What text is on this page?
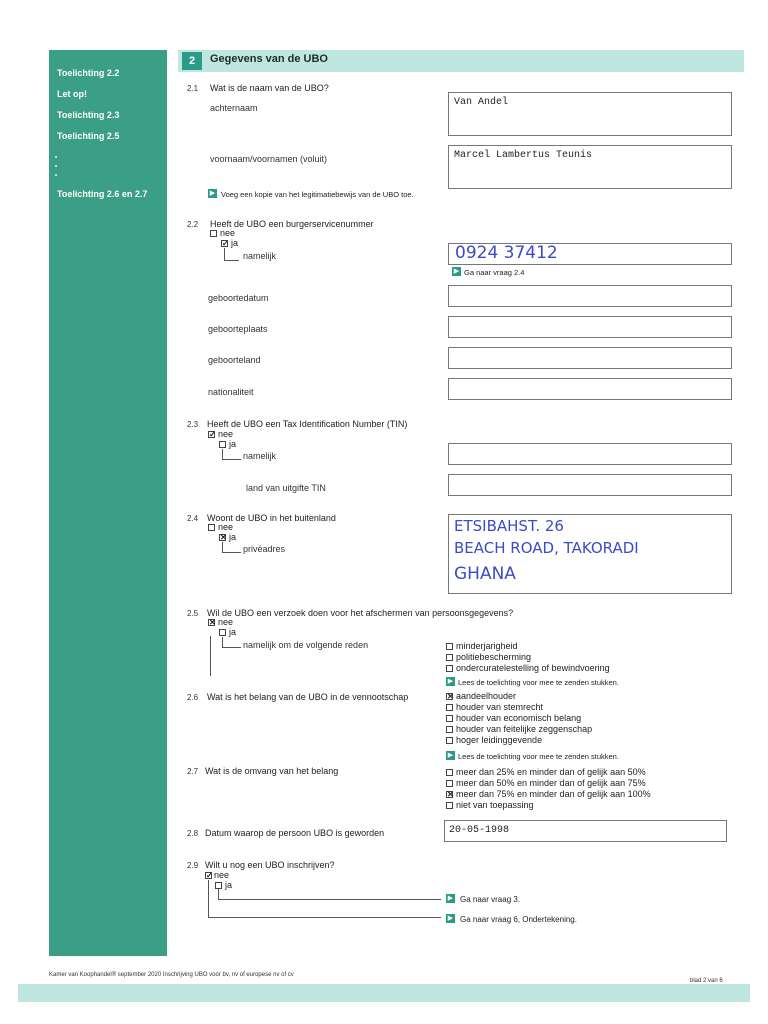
Toelichting 2.2

Let op!

Toelichting 2.3

Toelichting 2.5

•
•
•
Toelichting 2.6 en 2.7

2	Gegevens van de UBO
2.1 Wat is de naam van de UBO?
achternaam	Van Andel
voornaam/voornamen (voluit)	Marcel Lambertus Teunis
▶ Voeg een kopie van het legitimatiebewijs van de UBO toe.
2.2 Heeft de UBO een burgerservicenummer
nee
✓ ja
namelijk	0924 37412
▶ Ga naar vraag 2.4
geboortedatum
geboorteplaats
geboorteland
nationaliteit
2.3 Heeft de UBO een Tax Identification Number (TIN)
✓ nee
ja
namelijk
land van uitgifte TIN
2.4 Woont de UBO in het buitenland
nee
✕ ja
privéadres
ETSIBAHST. 26
BEACH ROAD, TAKORADI
GHANA
2.5 Wil de UBO een verzoek doen voor het afschermen van persoonsgegevens?
✕ nee
ja
namelijk om de volgende reden	minderjarigheid
politiebescherming
ondercuratelestelling of bewindvoering
▶ Lees de toelichting voor mee te zenden stukken.
2.6 Wat is het belang van de UBO in de vennootschap	✕ aandeelhouder
houder van stemrecht
houder van economisch belang
houder van feitelijke zeggenschap
hoger leidinggevende
▶ Lees de toelichting voor mee te zenden stukken.
2.7 Wat is de omvang van het belang	meer dan 25% en minder dan of gelijk aan 50%
meer dan 50% en minder dan of gelijk aan 75%
✕ meer dan 75% en minder dan of gelijk aan 100%
niet van toepassing
2.8 Datum waarop de persoon UBO is geworden	20-05-1998
2.9 Wilt u nog een UBO inschrijven?
✓ nee
ja
▶ Ga naar vraag 3.
▶ Ga naar vraag 6, Ondertekening.
Kamer van Koophandel® september 2020 Inschrijving UBO voor bv, nv of europese nv of cv
blad 2 van 6
